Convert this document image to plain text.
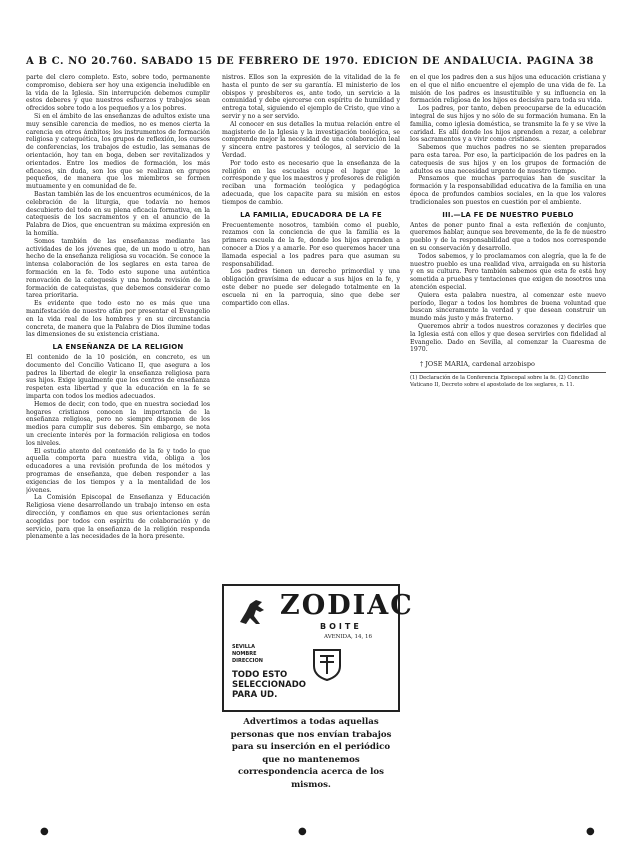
A B C. NO 20.760. SABADO 15 DE FEBRERO DE 1970. EDICION DE ANDALUCIA. PAGINA 38

parte del clero completo. Esto, sobre todo, permanente compromiso, debiera ser hoy una exigencia ineludible en la vida de la Iglesia. Sin interrupción debemos cumplir estos deberes y que nuestros esfuerzos y trabajos sean ofrecidos sobre todo a los pequeños y a los pobres.

Si en el ámbito de las enseñanzas de adultos existe una muy sensible carencia de medios, no es menos cierta la carencia en otros ámbitos; los instrumentos de formación religiosa y catequética, los grupos de reflexión, los cursos de conferencias, los trabajos de estudio, las semanas de orientación, hoy tan en boga, deben ser revitalizados y orientados. Entre los medios de formación, los más eficaces, sin duda, son los que se realizan en grupos pequeños, de manera que los miembros se formen mutuamente y en comunidad de fe.

Bastan también las de los encuentros ecuménicos, de la celebración de la liturgia, que todavía no hemos descubierto del todo en su plena eficacia formativa, en la catequesis de los sacramentos y en el anuncio de la Palabra de Dios, que encuentran su máxima expresión en la homilía.

Somos también de las enseñanzas mediante las actividades de los jóvenes que, de un modo u otro, han hecho de la enseñanza religiosa su vocación. Se conoce la intensa colaboración de los seglares en esta tarea de formación en la fe. Todo esto supone una auténtica renovación de la catequesis y una honda revisión de la formación de catequistas, que debemos considerar como tarea prioritaria.

Es evidente que todo esto no es más que una manifestación de nuestro afán por presentar el Evangelio en la vida real de los hombres y en su circunstancia concreta, de manera que la Palabra de Dios ilumine todas las dimensiones de su existencia cristiana.

LA ENSEÑANZA DE LA RELIGION

El contenido de la 10 posición, en concreto, es un documento del Concilio Vaticano II, que asegura a los padres la libertad de elegir la enseñanza religiosa para sus hijos. Exige igualmente que los centros de enseñanza respeten esta libertad y que la educación en la fe se imparta con todos los medios adecuados.

Hemos de decir, con todo, que en nuestra sociedad los hogares cristianos conocen la importancia de la enseñanza religiosa, pero no siempre disponen de los medios para cumplir sus deberes. Sin embargo, se nota un creciente interés por la formación religiosa en todos los niveles.

El estudio atento del contenido de la fe y todo lo que aquella comporta para nuestra vida, obliga a los educadores a una revisión profunda de los métodos y programas de enseñanza, que deben responder a las exigencias de los tiempos y a la mentalidad de los jóvenes.

La Comisión Episcopal de Enseñanza y Educación Religiosa viene desarrollando un trabajo intenso en esta dirección, y confiamos en que sus orientaciones serán acogidas por todos con espíritu de colaboración y de servicio, para que la enseñanza de la religión responda plenamente a las necesidades de la hora presente.

nistros. Ellos son la expresión de la vitalidad de la fe hasta el punto de ser su garantía. El ministerio de los obispos y presbíteros es, ante todo, un servicio a la comunidad y debe ejercerse con espíritu de humildad y entrega total, siguiendo el ejemplo de Cristo, que vino a servir y no a ser servido.

Al conocer en sus detalles la mutua relación entre el magisterio de la Iglesia y la investigación teológica, se comprende mejor la necesidad de una colaboración leal y sincera entre pastores y teólogos, al servicio de la Verdad.

Por todo esto es necesario que la enseñanza de la religión en las escuelas ocupe el lugar que le corresponde y que los maestros y profesores de religión reciban una formación teológica y pedagógica adecuada, que los capacite para su misión en estos tiempos de cambio.

LA FAMILIA, EDUCADORA DE LA FE

Frecuentemente nosotros, también como el pueblo, rezamos con la conciencia de que la familia es la primera escuela de la fe, donde los hijos aprenden a conocer a Dios y a amarle. Por eso queremos hacer una llamada especial a los padres para que asuman su responsabilidad.

Los padres tienen un derecho primordial y una obligación gravísima de educar a sus hijos en la fe, y este deber no puede ser delegado totalmente en la escuela ni en la parroquia, sino que debe ser compartido con ellas.

ZODIAC
BOITE
AVENIDA, 14, 16
SEVILLA
NOMBRE
DIRECCION
TODO ESTO
SELECCIONADO
PARA UD.
Advertimos a todas aquellas personas que nos envían trabajos para su inserción en el periódico que no mantenemos correspondencia acerca de los mismos.

en el que los padres den a sus hijos una educación cristiana y en el que el niño encuentre el ejemplo de una vida de fe. La misión de los padres es insustituible y su influencia en la formación religiosa de los hijos es decisiva para toda su vida.

Los padres, por tanto, deben preocuparse de la educación integral de sus hijos y no sólo de su formación humana. En la familia, como iglesia doméstica, se transmite la fe y se vive la caridad. Es allí donde los hijos aprenden a rezar, a celebrar los sacramentos y a vivir como cristianos.

Sabemos que muchos padres no se sienten preparados para esta tarea. Por eso, la participación de los padres en la catequesis de sus hijos y en los grupos de formación de adultos es una necesidad urgente de nuestro tiempo.

Pensamos que muchas parroquias han de suscitar la formación y la responsabilidad educativa de la familia en una época de profundos cambios sociales, en la que los valores tradicionales son puestos en cuestión por el ambiente.

III.—LA FE DE NUESTRO PUEBLO

Antes de poner punto final a esta reflexión de conjunto, queremos hablar, aunque sea brevemente, de la fe de nuestro pueblo y de la responsabilidad que a todos nos corresponde en su conservación y desarrollo.

Todos sabemos, y lo proclamamos con alegría, que la fe de nuestro pueblo es una realidad viva, arraigada en su historia y en su cultura. Pero también sabemos que esta fe está hoy sometida a pruebas y tentaciones que exigen de nosotros una atención especial.

Quiera esta palabra nuestra, al comenzar este nuevo período, llegar a todos los hombres de buena voluntad que buscan sinceramente la verdad y que desean construir un mundo más justo y más fraterno.

Queremos abrir a todos nuestros corazones y decirles que la Iglesia está con ellos y que desea servirles con fidelidad al Evangelio. Dado en Sevilla, al comenzar la Cuaresma de 1970.

† JOSE MARIA, cardenal arzobispo
(1) Declaración de la Conferencia Episcopal sobre la fe. (2) Concilio Vaticano II, Decreto sobre el apostolado de los seglares, n. 11.
●	●	●
